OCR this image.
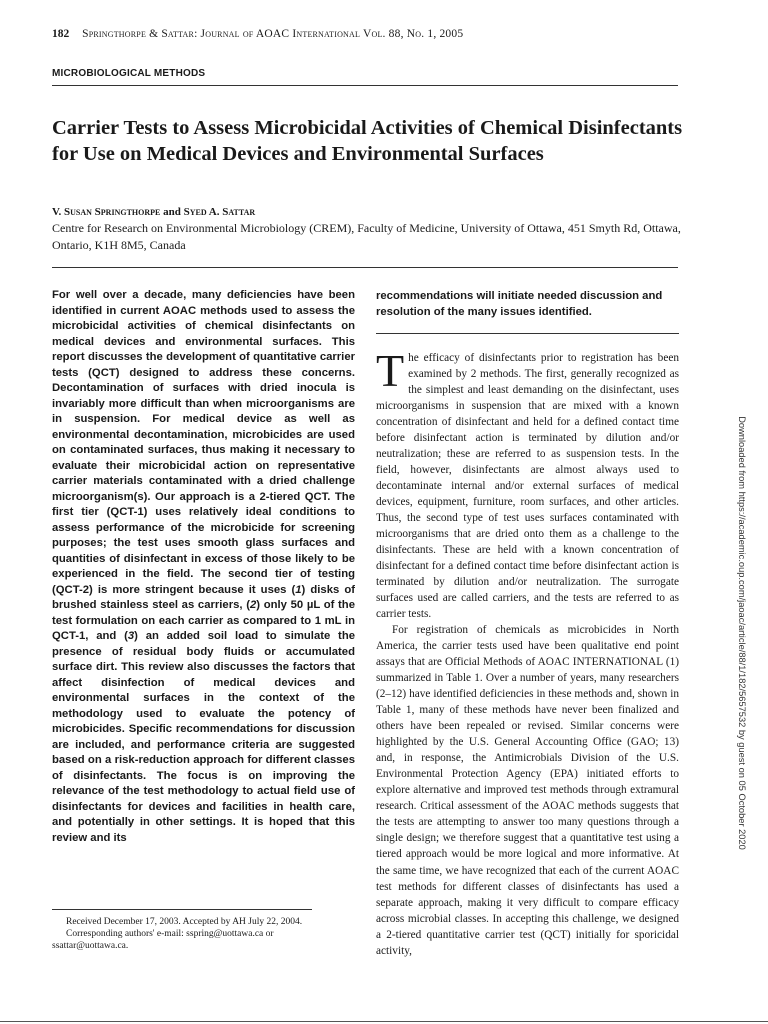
182 Springthorpe & Sattar: Journal of AOAC International Vol. 88, No. 1, 2005
MICROBIOLOGICAL METHODS
Carrier Tests to Assess Microbicidal Activities of Chemical Disinfectants for Use on Medical Devices and Environmental Surfaces
V. Susan Springthorpe and Syed A. Sattar
Centre for Research on Environmental Microbiology (CREM), Faculty of Medicine, University of Ottawa, 451 Smyth Rd, Ottawa, Ontario, K1H 8M5, Canada
For well over a decade, many deficiencies have been identified in current AOAC methods used to assess the microbicidal activities of chemical disinfectants on medical devices and environmental surfaces. This report discusses the development of quantitative carrier tests (QCT) designed to address these concerns. Decontamination of surfaces with dried inocula is invariably more difficult than when microorganisms are in suspension. For medical device as well as environmental decontamination, microbicides are used on contaminated surfaces, thus making it necessary to evaluate their microbicidal action on representative carrier materials contaminated with a dried challenge microorganism(s). Our approach is a 2-tiered QCT. The first tier (QCT-1) uses relatively ideal conditions to assess performance of the microbicide for screening purposes; the test uses smooth glass surfaces and quantities of disinfectant in excess of those likely to be experienced in the field. The second tier of testing (QCT-2) is more stringent because it uses (1) disks of brushed stainless steel as carriers, (2) only 50 µL of the test formulation on each carrier as compared to 1 mL in QCT-1, and (3) an added soil load to simulate the presence of residual body fluids or accumulated surface dirt. This review also discusses the factors that affect disinfection of medical devices and environmental surfaces in the context of the methodology used to evaluate the potency of microbicides. Specific recommendations for discussion are included, and performance criteria are suggested based on a risk-reduction approach for different classes of disinfectants. The focus is on improving the relevance of the test methodology to actual field use of disinfectants for devices and facilities in health care, and potentially in other settings. It is hoped that this review and its
recommendations will initiate needed discussion and resolution of the many issues identified.
Received December 17, 2003. Accepted by AH July 22, 2004.
Corresponding authors' e-mail: sspring@uottawa.ca or ssattar@uottawa.ca.

The efficacy of disinfectants prior to registration has been examined by 2 methods. The first, generally recognized as the simplest and least demanding on the disinfectant, uses microorganisms in suspension that are mixed with a known concentration of disinfectant and held for a defined contact time before disinfectant action is terminated by dilution and/or neutralization; these are referred to as suspension tests. In the field, however, disinfectants are almost always used to decontaminate internal and/or external surfaces of medical devices, equipment, furniture, room surfaces, and other articles. Thus, the second type of test uses surfaces contaminated with microorganisms that are dried onto them as a challenge to the disinfectants. These are held with a known concentration of disinfectant for a defined contact time before disinfectant action is terminated by dilution and/or neutralization. The surrogate surfaces used are called carriers, and the tests are referred to as carrier tests.

For registration of chemicals as microbicides in North America, the carrier tests used have been qualitative end point assays that are Official Methods of AOAC INTERNATIONAL (1) summarized in Table 1. Over a number of years, many researchers (2–12) have identified deficiencies in these methods and, shown in Table 1, many of these methods have never been finalized and others have been repealed or revised. Similar concerns were highlighted by the U.S. General Accounting Office (GAO; 13) and, in response, the Antimicrobials Division of the U.S. Environmental Protection Agency (EPA) initiated efforts to explore alternative and improved test methods through extramural research. Critical assessment of the AOAC methods suggests that the tests are attempting to answer too many questions through a single design; we therefore suggest that a quantitative test using a tiered approach would be more logical and more informative. At the same time, we have recognized that each of the current AOAC test methods for different classes of disinfectants has used a separate approach, making it very difficult to compare efficacy across microbial classes. In accepting this challenge, we designed a 2-tiered quantitative carrier test (QCT) initially for sporicidal activity,

Downloaded from https://academic.oup.com/jaoac/article/88/1/182/5657532 by guest on 05 October 2020
